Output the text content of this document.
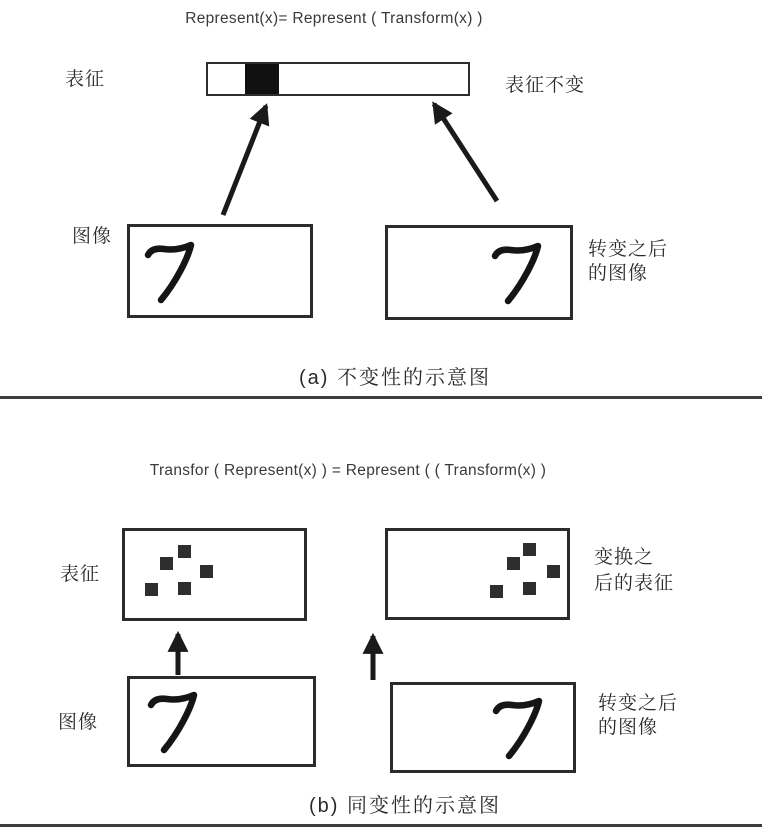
Represent(x)= Represent ( Transform(x) )
表征	表征不变
图像
转变之后
的图像
(a) 不变性的示意图
Transfor ( Represent(x) ) = Represent ( ( Transform(x) )
表征
变换之
后的表征
图像
转变之后
的图像
(b) 同变性的示意图
